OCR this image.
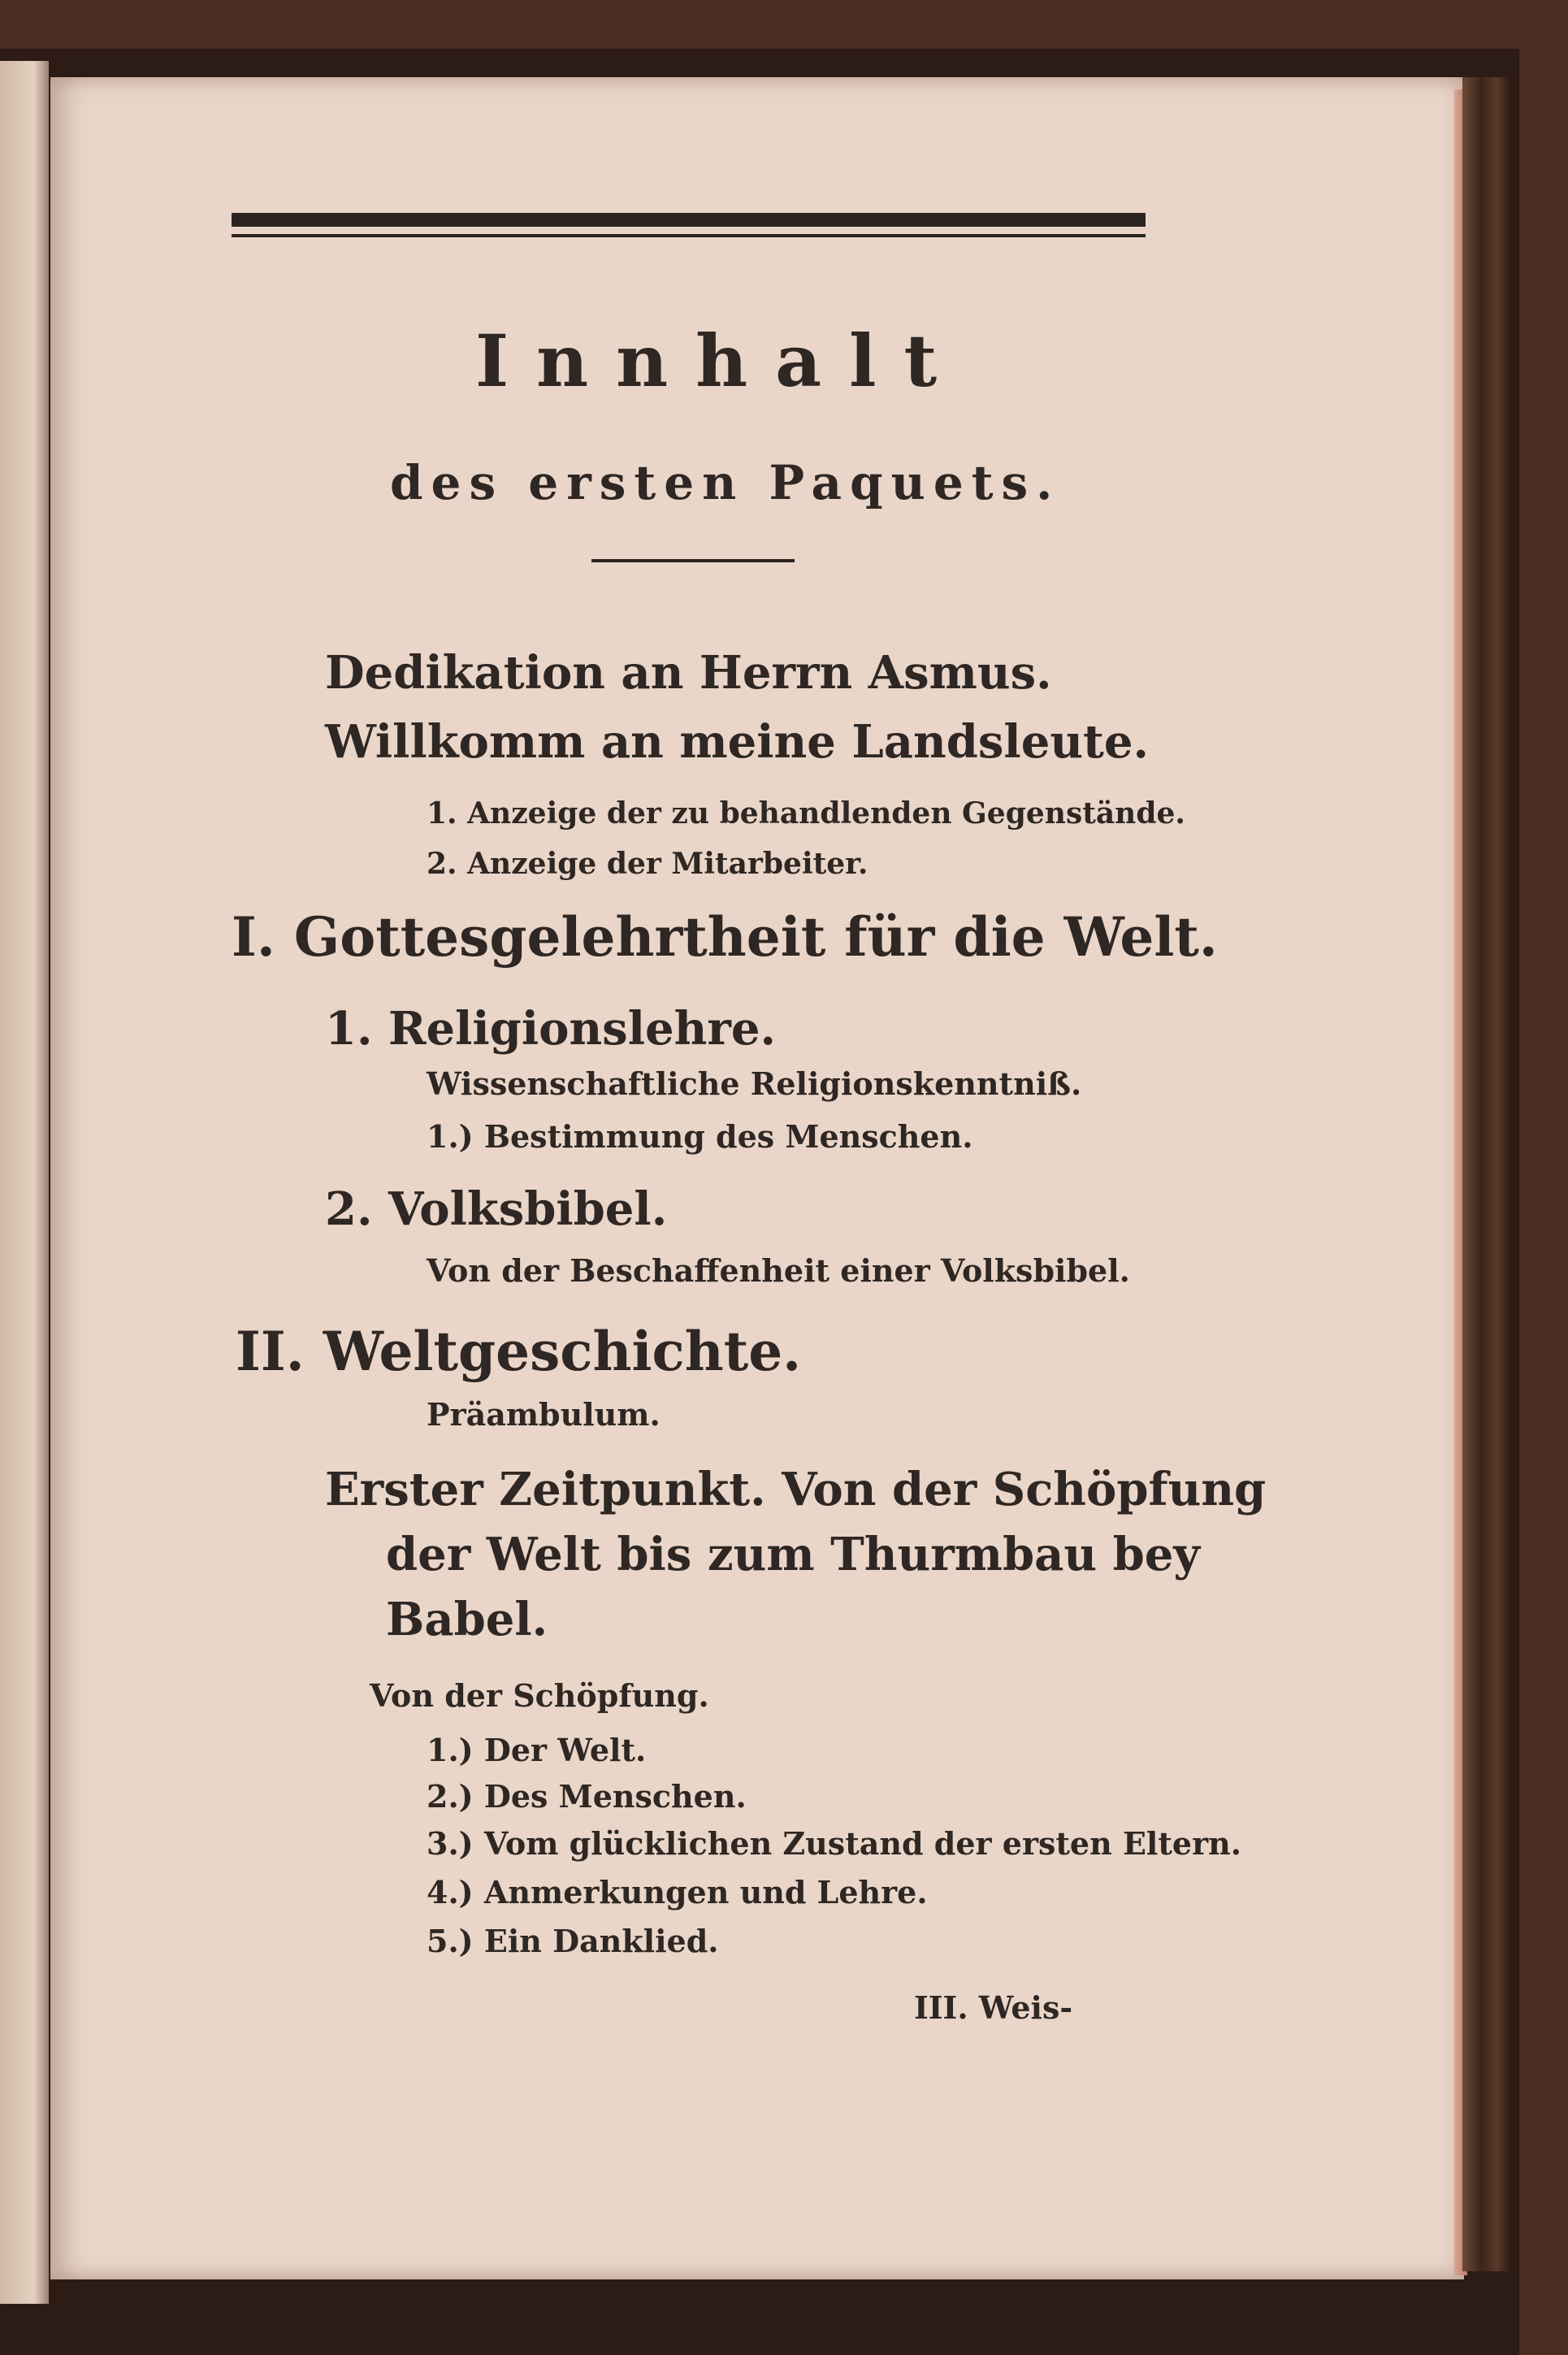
Innhalt

des ersten Paquets.

Dedikation an Herrn Asmus.

Willkomm an meine Landsleute.

1. Anzeige der zu behandlenden Gegenstände.

2. Anzeige der Mitarbeiter.

I. Gottesgelehrtheit für die Welt.

1. Religionslehre.

Wissenschaftliche Religionskenntniß.

1.) Bestimmung des Menschen.

2. Volksbibel.

Von der Beschaffenheit einer Volksbibel.

II. Weltgeschichte.

Präambulum.

Erster Zeitpunkt. Von der Schöpfung

der Welt bis zum Thurmbau bey

Babel.

Von der Schöpfung.

1.) Der Welt.

2.) Des Menschen.

3.) Vom glücklichen Zustand der ersten Eltern.

4.) Anmerkungen und Lehre.

5.) Ein Danklied.

III. Weis-
